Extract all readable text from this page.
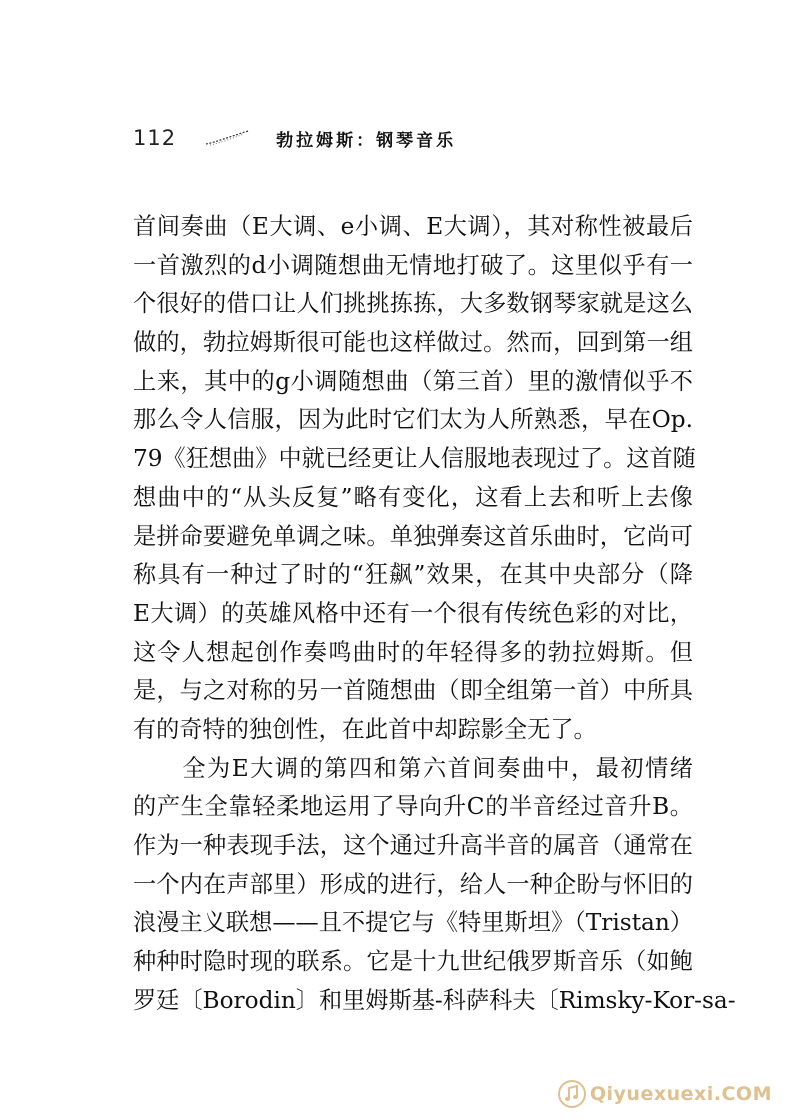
112	勃拉姆斯：钢琴音乐
首间奏曲（E大调、e小调、E大调），其对称性被最后
一首激烈的d小调随想曲无情地打破了。这里似乎有一
个很好的借口让人们挑挑拣拣，大多数钢琴家就是这么
做的，勃拉姆斯很可能也这样做过。然而，回到第一组
上来，其中的g小调随想曲（第三首）里的激情似乎不
那么令人信服，因为此时它们太为人所熟悉，早在Op.
79《狂想曲》中就已经更让人信服地表现过了。这首随
想曲中的“从头反复”略有变化，这看上去和听上去像
是拼命要避免单调之味。单独弹奏这首乐曲时，它尚可
称具有一种过了时的“狂飙”效果，在其中央部分（降
E大调）的英雄风格中还有一个很有传统色彩的对比，
这令人想起创作奏鸣曲时的年轻得多的勃拉姆斯。但
是，与之对称的另一首随想曲（即全组第一首）中所具
有的奇特的独创性，在此首中却踪影全无了。
　　全为E大调的第四和第六首间奏曲中，最初情绪
的产生全靠轻柔地运用了导向升C的半音经过音升B。
作为一种表现手法，这个通过升高半音的属音（通常在
一个内在声部里）形成的进行，给人一种企盼与怀旧的
浪漫主义联想——且不提它与《特里斯坦》（Tristan）
种种时隐时现的联系。它是十九世纪俄罗斯音乐（如鲍
罗廷〔Borodin〕和里姆斯基-科萨科夫〔Rimsky-Kor-sa-
Qiyuexuexi.COM
